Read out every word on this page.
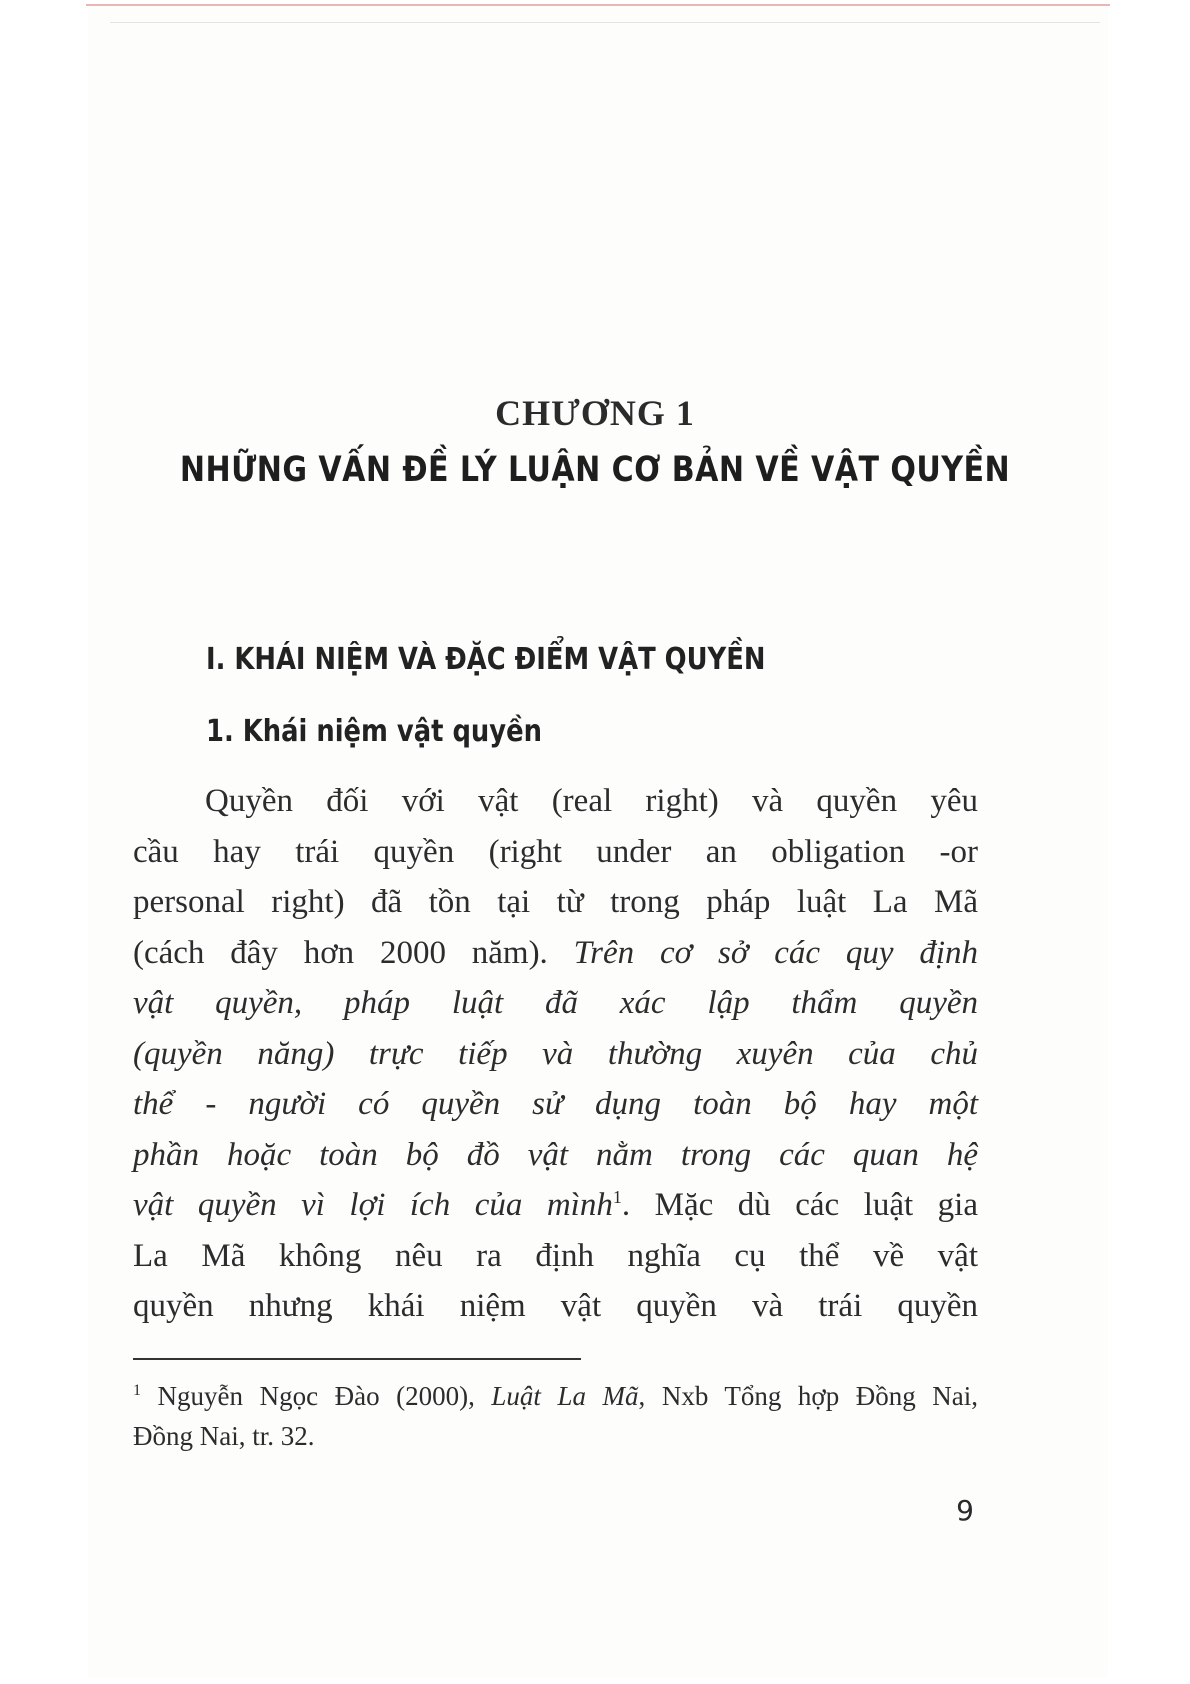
CHƯƠNG 1
NHỮNG VẤN ĐỀ LÝ LUẬN CƠ BẢN VỀ VẬT QUYỀN
I. KHÁI NIỆM VÀ ĐẶC ĐIỂM VẬT QUYỀN
1. Khái niệm vật quyền
Quyền đối với vật (real right) và quyền yêu
cầu hay trái quyền (right under an obligation -or
personal right) đã tồn tại từ trong pháp luật La Mã
(cách đây hơn 2000 năm). Trên cơ sở các quy định
vật quyền, pháp luật đã xác lập thẩm quyền
(quyền năng) trực tiếp và thường xuyên của chủ
thể - người có quyền sử dụng toàn bộ hay một
phần hoặc toàn bộ đồ vật nằm trong các quan hệ
vật quyền vì lợi ích của mình$^1$. Mặc dù các luật gia
La Mã không nêu ra định nghĩa cụ thể về vật
quyền nhưng khái niệm vật quyền và trái quyền
$^1$ Nguyễn Ngọc Đào (2000), Luật La Mã, Nxb Tổng hợp Đồng Nai,
Đồng Nai, tr. 32.
9
